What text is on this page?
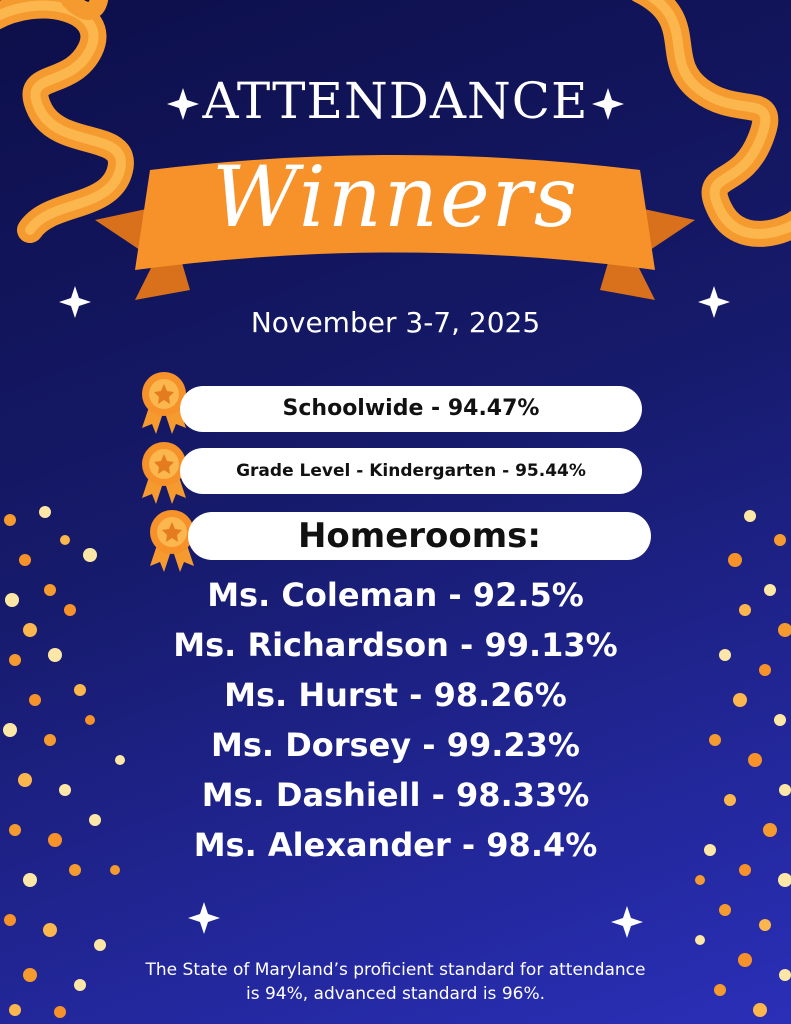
ATTENDANCE
Winners
November 3-7, 2025
Schoolwide - 94.47%
Grade Level - Kindergarten - 95.44%
Homerooms:
Ms. Coleman - 92.5%
Ms. Richardson - 99.13%
Ms. Hurst - 98.26%
Ms. Dorsey - 99.23%
Ms. Dashiell - 98.33%
Ms. Alexander - 98.4%
The State of Maryland’s proficient standard for attendance
is 94%, advanced standard is 96%.
